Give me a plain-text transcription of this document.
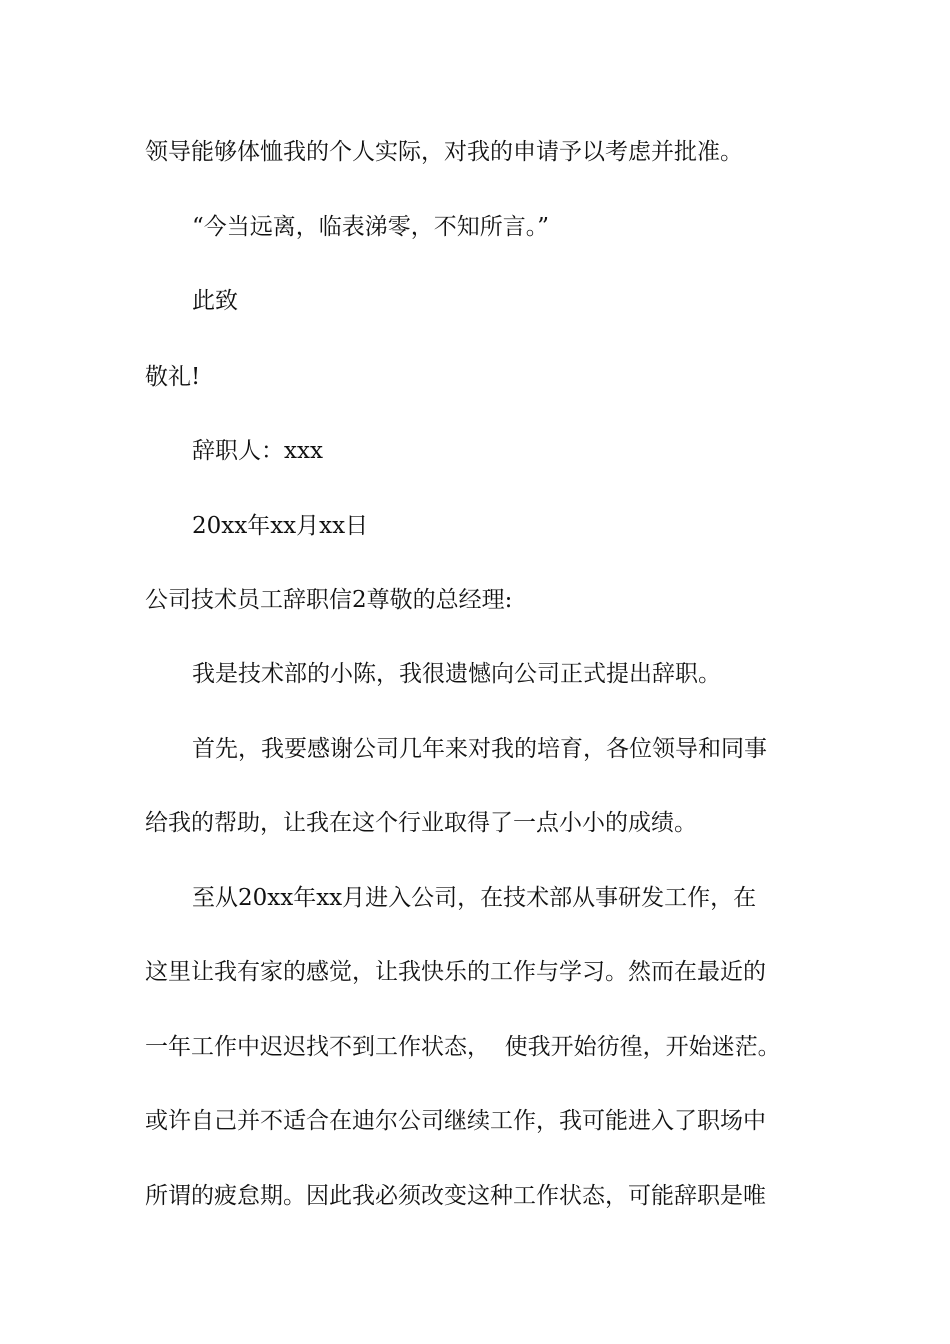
领导能够体恤我的个人实际，对我的申请予以考虑并批准。
“今当远离，临表涕零，不知所言。”
此致
敬礼!
辞职人：xxx
20xx年xx月xx日
公司技术员工辞职信2尊敬的总经理:
我是技术部的小陈，我很遗憾向公司正式提出辞职。
首先，我要感谢公司几年来对我的培育，各位领导和同事
给我的帮助，让我在这个行业取得了一点小小的成绩。
至从20xx年xx月进入公司，在技术部从事研发工作，在
这里让我有家的感觉，让我快乐的工作与学习。然而在最近的
一年工作中迟迟找不到工作状态，  使我开始彷徨，开始迷茫。
或许自己并不适合在迪尔公司继续工作，我可能进入了职场中
所谓的疲怠期。因此我必须改变这种工作状态，可能辞职是唯
